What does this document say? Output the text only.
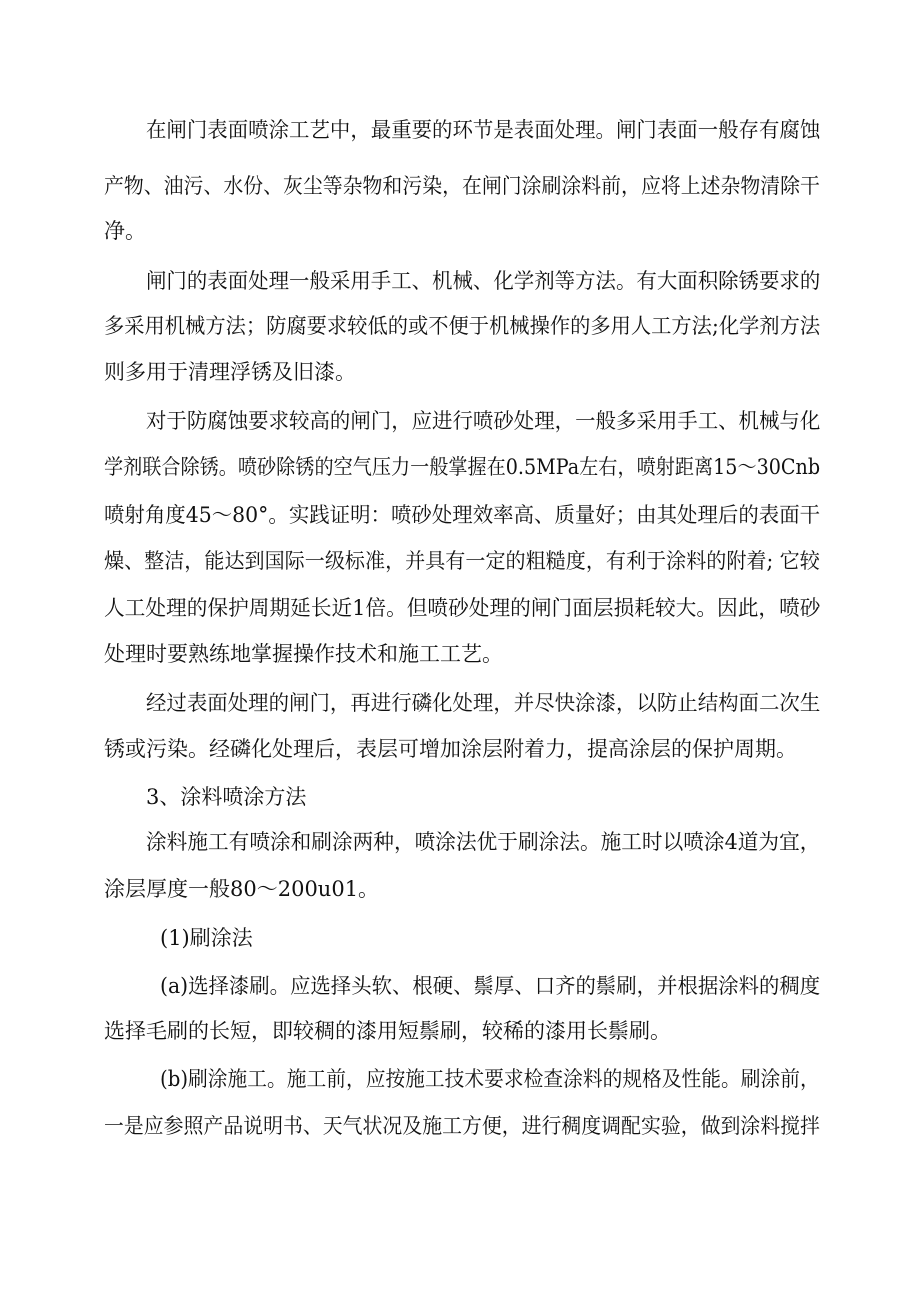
在闸门表面喷涂工艺中，最重要的环节是表面处理。闸门表面一般存有腐蚀
产物、油污、水份、灰尘等杂物和污染，在闸门涂刷涂料前，应将上述杂物清除干
净。
闸门的表面处理一般采用手工、机械、化学剂等方法。有大面积除锈要求的
多采用机械方法；防腐要求较低的或不便于机械操作的多用人工方法;化学剂方法
则多用于清理浮锈及旧漆。
对于防腐蚀要求较高的闸门，应进行喷砂处理，一般多采用手工、机械与化
学剂联合除锈。喷砂除锈的空气压力一般掌握在0.5MPa左右，喷射距离15～30Cnb
喷射角度45～80°。实践证明：喷砂处理效率高、质量好；由其处理后的表面干
燥、整洁，能达到国际一级标准，并具有一定的粗糙度，有利于涂料的附着; 它较
人工处理的保护周期延长近1倍。但喷砂处理的闸门面层损耗较大。因此，喷砂
处理时要熟练地掌握操作技术和施工工艺。
经过表面处理的闸门，再进行磷化处理，并尽快涂漆，以防止结构面二次生
锈或污染。经磷化处理后，表层可增加涂层附着力，提高涂层的保护周期。
3、涂料喷涂方法
涂料施工有喷涂和刷涂两种，喷涂法优于刷涂法。施工时以喷涂4道为宜，
涂层厚度一般80～200u01。
(1)刷涂法
(a)选择漆刷。应选择头软、根硬、鬃厚、口齐的鬃刷，并根据涂料的稠度
选择毛刷的长短，即较稠的漆用短鬃刷，较稀的漆用长鬃刷。
(b)刷涂施工。施工前，应按施工技术要求检查涂料的规格及性能。刷涂前，
一是应参照产品说明书、天气状况及施工方便，进行稠度调配实验，做到涂料搅拌
